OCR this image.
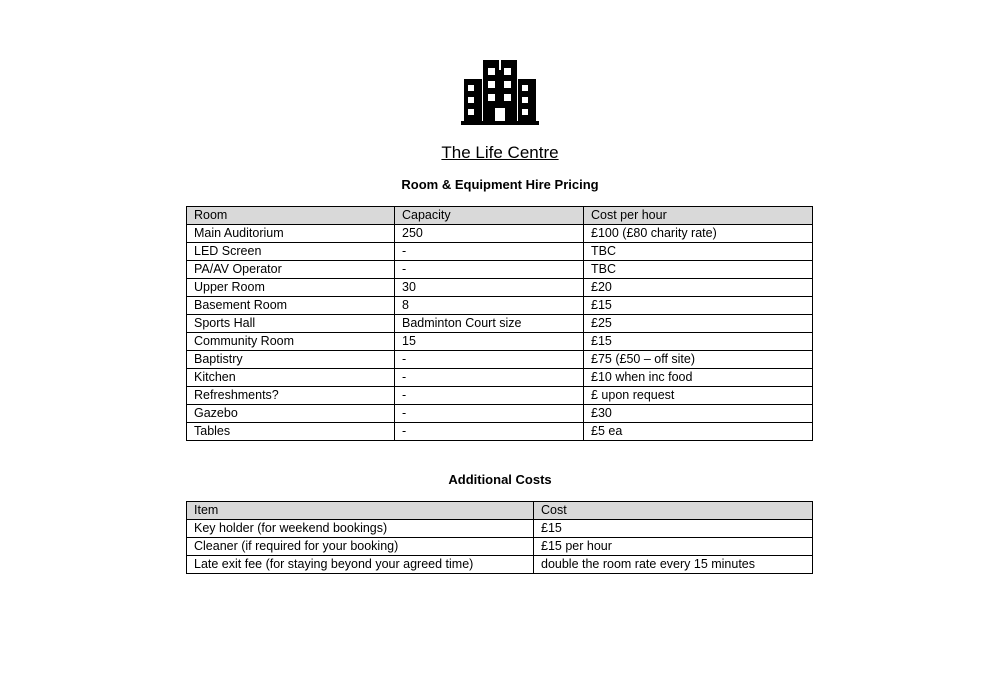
The Life Centre
Room & Equipment Hire Pricing
Room	Capacity	Cost per hour
Main Auditorium	250	£100 (£80 charity rate)
LED Screen	-	TBC
PA/AV Operator	-	TBC
Upper Room	30	£20
Basement Room	8	£15
Sports Hall	Badminton Court size	£25
Community Room	15	£15
Baptistry	-	£75 (£50 – off site)
Kitchen	-	£10 when inc food
Refreshments?	-	£ upon request
Gazebo	-	£30
Tables	-	£5 ea
Additional Costs
Item	Cost
Key holder (for weekend bookings)	£15
Cleaner (if required for your booking)	£15 per hour
Late exit fee (for staying beyond your agreed time)	double the room rate every 15 minutes
